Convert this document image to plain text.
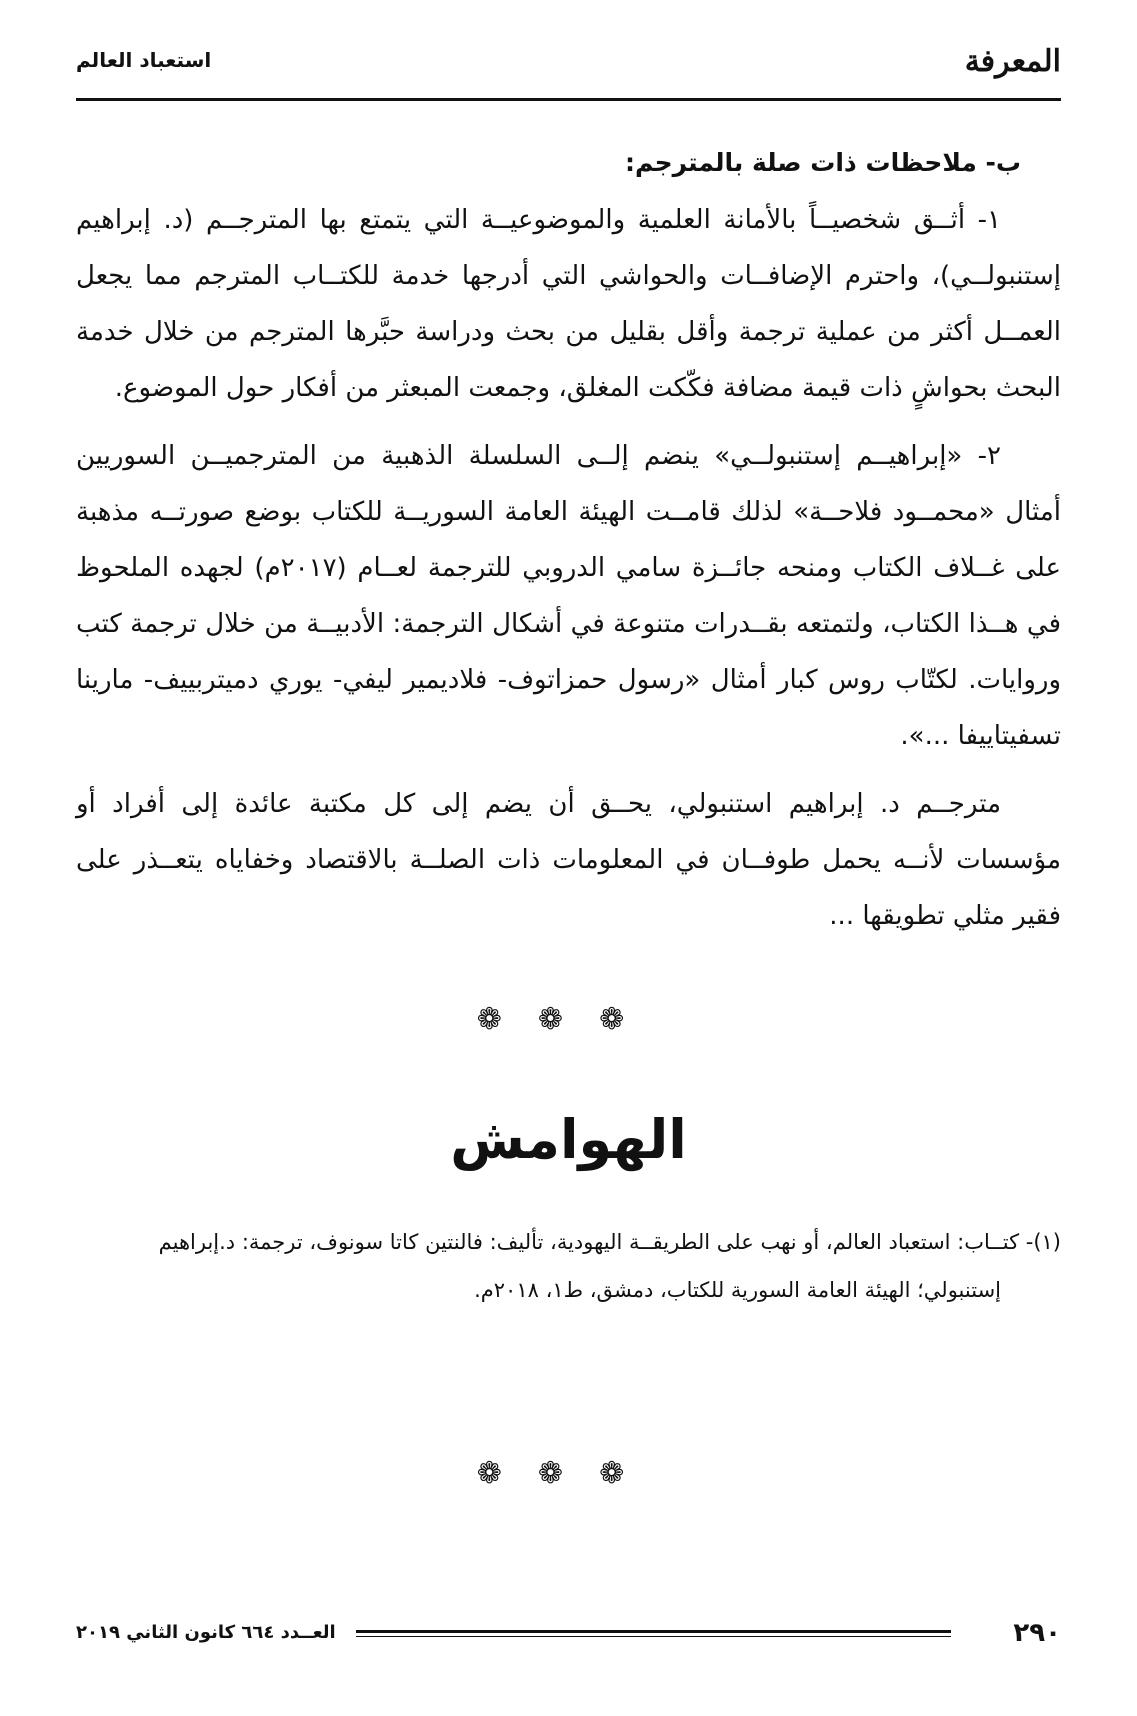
المعرفة
استعباد العالم
ب- ملاحظات ذات صلة بالمترجم:

١- أثــق شخصيــاً بالأمانة العلمية والموضوعيــة التي يتمتع بها المترجــم (د. إبراهيم إستنبولــي)، واحترم الإضافــات والحواشي التي أدرجها خدمة للكتــاب المترجم مما يجعل العمــل أكثر من عملية ترجمة وأقل بقليل من بحث ودراسة حبَّرها المترجم من خلال خدمة البحث بحواشٍ ذات قيمة مضافة فكّكت المغلق، وجمعت المبعثر من أفكار حول الموضوع.

٢- «إبراهيــم إستنبولــي» ينضم إلــى السلسلة الذهبية من المترجميــن السوريين أمثال «محمــود فلاحــة» لذلك قامــت الهيئة العامة السوريــة للكتاب بوضع صورتــه مذهبة على غــلاف الكتاب ومنحه جائــزة سامي الدروبي للترجمة لعــام (٢٠١٧م) لجهده الملحوظ في هــذا الكتاب، ولتمتعه بقــدرات متنوعة في أشكال الترجمة: الأدبيــة من خلال ترجمة كتب وروايات. لكتّاب روس كبار أمثال «رسول حمزاتوف- فلاديمير ليفي- يوري دميتربييف- مارينا تسفيتاييفا ...».

مترجــم د. إبراهيم استنبولي، يحــق أن يضم إلى كل مكتبة عائدة إلى أفراد أو مؤسسات لأنــه يحمل طوفــان في المعلومات ذات الصلــة بالاقتصاد وخفاياه يتعــذر على فقير مثلي تطويقها ...

❁❁❁
الهوامش
(١)- كتــاب: استعباد العالم، أو نهب على الطريقــة اليهودية، تأليف: فالنتين كاتا سونوف، ترجمة: د.إبراهيم
إستنبولي؛ الهيئة العامة السورية للكتاب، دمشق، ط١، ٢٠١٨م.
❁❁❁
٢٩٠
العــدد ٦٦٤ كانون الثاني ٢٠١٩
